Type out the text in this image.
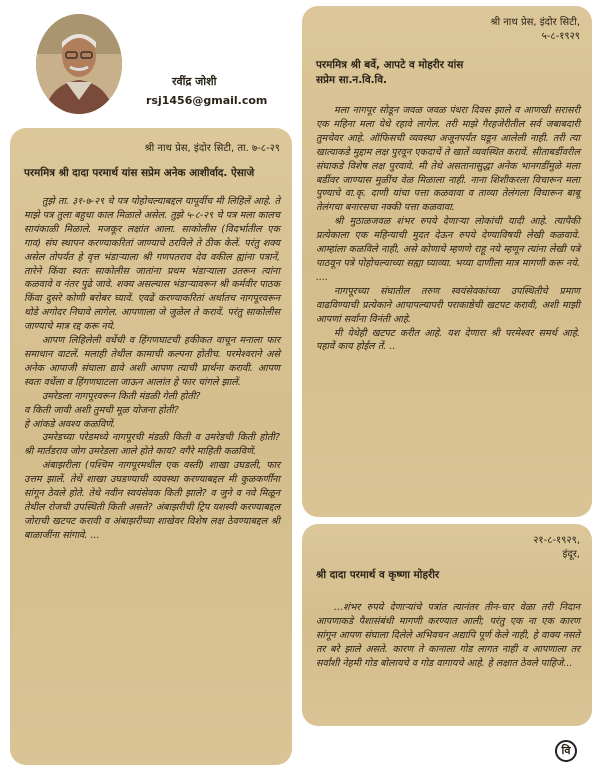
रवींद्र जोशी
rsj1456@gmail.com
श्री नाथ प्रेस, इंदोर सिटी, ता. ७-८-२९
परममित्र श्री दादा परमार्थ यांस सप्रेम अनेक आशीर्वाद. ऐसाजे

तुझे ता. ३१-७-२९ चे पत्र पोहोचल्याबद्दल यापूर्वीच मी लिहिलें आहे. ते माझे पत्र तुला बहुधा काल मिळाले असेल. तुझे ५-८-२९ चे पत्र मला कालच सायंकाळी मिळाले. मजकूर लक्षांत आला. साकोलीस (विदर्भातील एक गाव) संघ स्थापन करण्याकरितां जाण्याचे ठरविले ते ठीक केलें. परंतु शक्य असेल तोपर्यंत हे वृत्त भंडाऱ्याला श्री गणपतराव देव वकील ह्यांना पत्रानें, तारेने किंवा स्वतः साकोलीस जातांना प्रथम भंडाऱ्याला उतरून त्यांना कळवावे व नंतर पुढे जावे. शक्य असल्यास भंडाऱ्यावरून श्री कर्मवीर पाठक किंवा दुसरे कोणी बरोबर घ्यावें. एवढें करण्याकरितां अर्थातच नागपूरवरून थोडे अगोदर निघावे लागेल. आपणाला जे जुळेल ते करावें. परंतु साकोलीस जाण्याचे मात्र रद्द करू नये.

आपण लिहिलेली वर्धेची व हिंगणघाटची हकीकत वाचून मनाला फार समाधान वाटलें. मलाही तेथील कामाची कल्पना होतीच. परमेश्वराने असे अनेक आपाजी संघाला द्यावे अशी आपण त्याची प्रार्थना करावी. आपण स्वतः वर्धेला व हिंगणघाटला जाऊन आलांत हे फार चांगले झालें.

उमरेडला नागपूरवरून किती मंडळी गेली होती?

व किती जावी अशी तुमची मूळ योजना होती?

हे आंकडे अवश्य कळविणें.

उमरेडच्या परेडमध्ये नागपूरची मंडळी किती व उमरेडची किती होती? श्री मार्तंडराव जोग उमरेडला आले होते काय? वगैरे माहिती कळविणें.

अंबाझरीला (पश्चिम नागपूरमधील एक वस्ती) शाखा उघडली, फार उत्तम झालें. तेथें शाखा उघडण्याची व्यवस्था करण्याबद्दल मी कुळकर्णींना सांगून ठेवले होते. तेथे नवीन स्वयंसेवक किती झाले? व जुने व नवे मिळून तेथील रोजची उपस्थिती किती असते? अंबाझरीची ट्रिप यशस्वी करण्याबद्दल जोराची खटपट करावी व अंबाझरीच्या शाखेवर विशेष लक्ष ठेवण्याबद्दल श्री बाळाजींना सांगावे. ...

श्री नाथ प्रेस, इंदोर सिटी,
५-८-१९२९
परममित्र श्री बर्वे, आपटे व मोहरीर यांस
सप्रेम सा.न.वि.वि.

मला नागपूर सोडून जवळ जवळ पंधरा दिवस झाले व आणखी सरासरी एक महिना मला येथे रहावे लागेल. तरी माझे गैरहजेरीतील सर्व जबाबदारी तुमचेवर आहे. ऑफिसची व्यवस्था अजूनपर्यंत घडून आलेली नाही. तरी त्या खात्याकडे मुद्दाम लक्ष पुरवून एकदाचें ते खातें व्यवस्थित करावें. सीताबर्डीवरील संघाकडे विशेष लक्ष पुरवावे. मी तेथे असतानासुद्धा अनेक भानगडींमुळे मला बर्डीवर जाण्यास मुळींच वेळ मिळाला नाही. नाना शिशीकरला विचारून मला पुण्याचे वा.कृ. दाणी यांचा पत्ता कळवावा व ताव्या तेलंगला विचारून बाबू तेलंगचा बनारसचा नक्की पत्ता कळवावा.

श्री मुठाळजवळ शंभर रुपये देणाऱ्या लोकांची यादी आहे. त्यापैकी प्रत्येकाला एक महिन्याची मुदत देऊन रुपये देण्याविषयी लेखी कळवावे. आम्हांला कळविले नाही, असे कोणाचे म्हणणे राहू नये म्हणून त्यांना लेखी पत्रे पाठवून पत्रे पोहोचल्याच्या सह्या घ्याव्या. भय्या दाणीला मात्र मागणी करू नये. ....

नागपूरच्या संघातील तरुण स्वयंसेवकांच्या उपस्थितीचे प्रमाण वाढविण्याची प्रत्येकाने आपापल्यापरी पराकाष्ठेची खटपट करावी, अशी माझी आपणां सर्वांना विनंती आहे.

मी येथेही खटपट करीत आहे. यश देणारा श्री परमेश्वर समर्थ आहे. पहावें काय होईल तें. ..

२१-८-१९२९,
इंदूर,
श्री दादा परमार्थ व कृष्णा मोहरीर

...शंभर रुपये देणाऱ्यांचे पत्रांत त्यानंतर तीन-चार वेळा तरी निदान आपणाकडे पैशासंबंधी मागणी करण्यात आली; परंतु एक ना एक कारण सांगून आपण संघाला दिलेले अभिवचन अद्यापि पूर्ण केले नाही, हे वाक्य नसते तर बरे झाले असते. कारण ते कानाला गोड लागत नाही व आपणाला तर सर्वांशी नेहमी गोड बोलायचे व गोड वागायचे आहे. हे लक्षात ठेवले पाहिजे...

वि
